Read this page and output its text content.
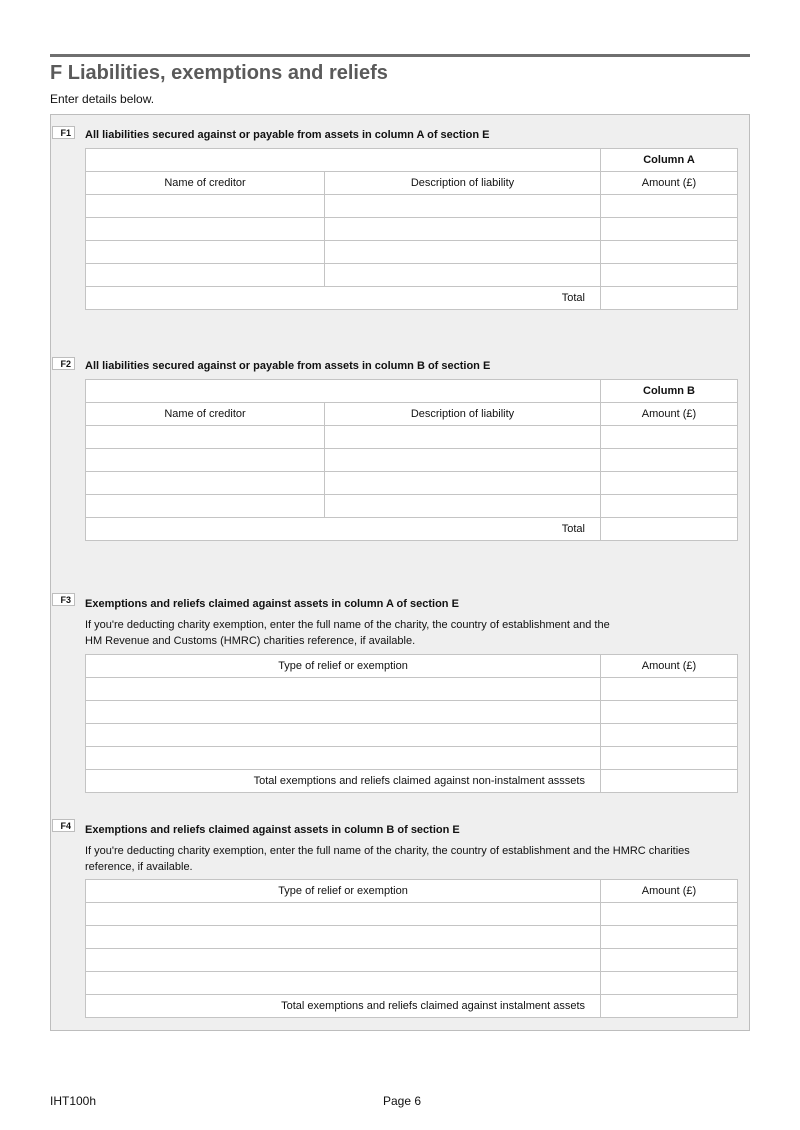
F Liabilities, exemptions and reliefs
Enter details below.
F1	All liabilities secured against or payable from assets in column A of section E
		Column A
Name of creditor	Description of liability	Amount (£)

Total		
F2	All liabilities secured against or payable from assets in column B of section E
		Column B
Name of creditor	Description of liability	Amount (£)

Total		
F3	Exemptions and reliefs claimed against assets in column A of section E
If you're deducting charity exemption, enter the full name of the charity, the country of establishment and the
HM Revenue and Customs (HMRC) charities reference, if available.
Type of relief or exemption	Amount (£)

Total exemptions and reliefs claimed against non-instalment asssets	
F4	Exemptions and reliefs claimed against assets in column B of section E
If you're deducting charity exemption, enter the full name of the charity, the country of establishment and the HMRC charities reference, if available.
Type of relief or exemption	Amount (£)

Total exemptions and reliefs claimed against instalment assets	
IHT100h	Page 6
